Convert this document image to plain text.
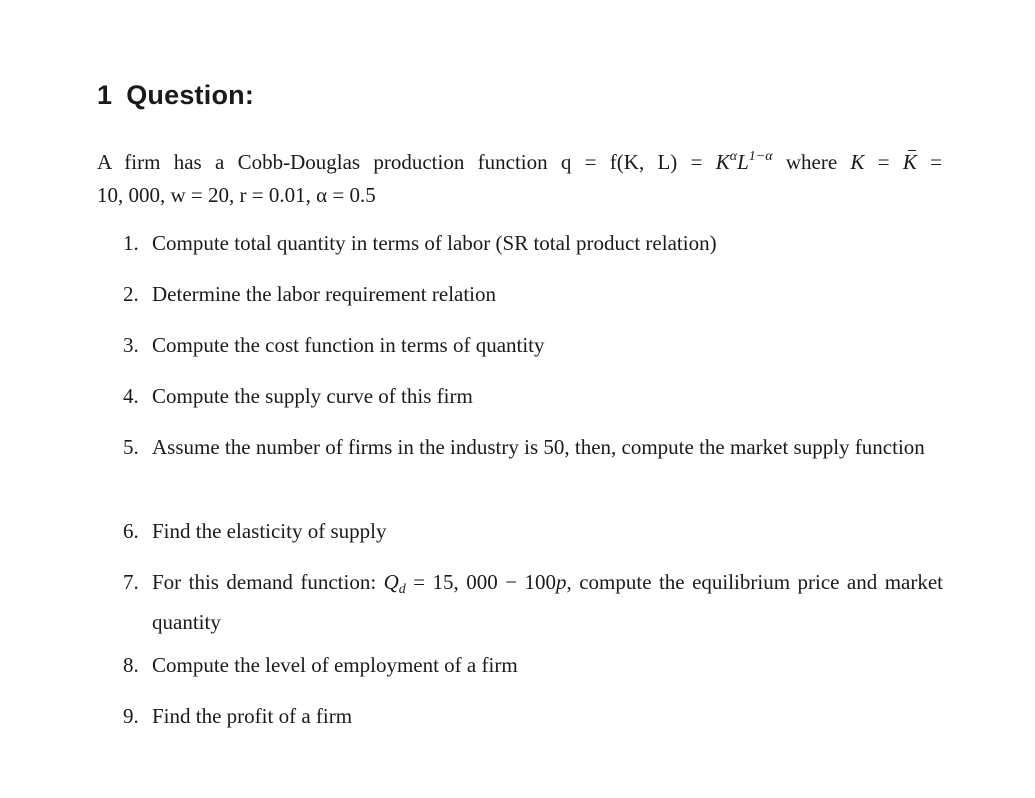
1 Question:
A firm has a Cobb-Douglas production function q = f(K, $L) = K^\alpha L^{1-\alpha}$ where K = K =
10, 000, w = 20, r = 0.01, α = 0.5
1. Compute total quantity in terms of labor (SR total product relation)
2. Determine the labor requirement relation
3. Compute the cost function in terms of quantity
4. Compute the supply curve of this firm
5. Assume the number of firms in the industry is 50, then, compute the market supply function
6. Find the elasticity of supply
7. For this demand function: $Q_d = 15$, 000 − 100p, compute the equilibrium price and market quantity
8. Compute the level of employment of a firm
9. Find the profit of a firm
